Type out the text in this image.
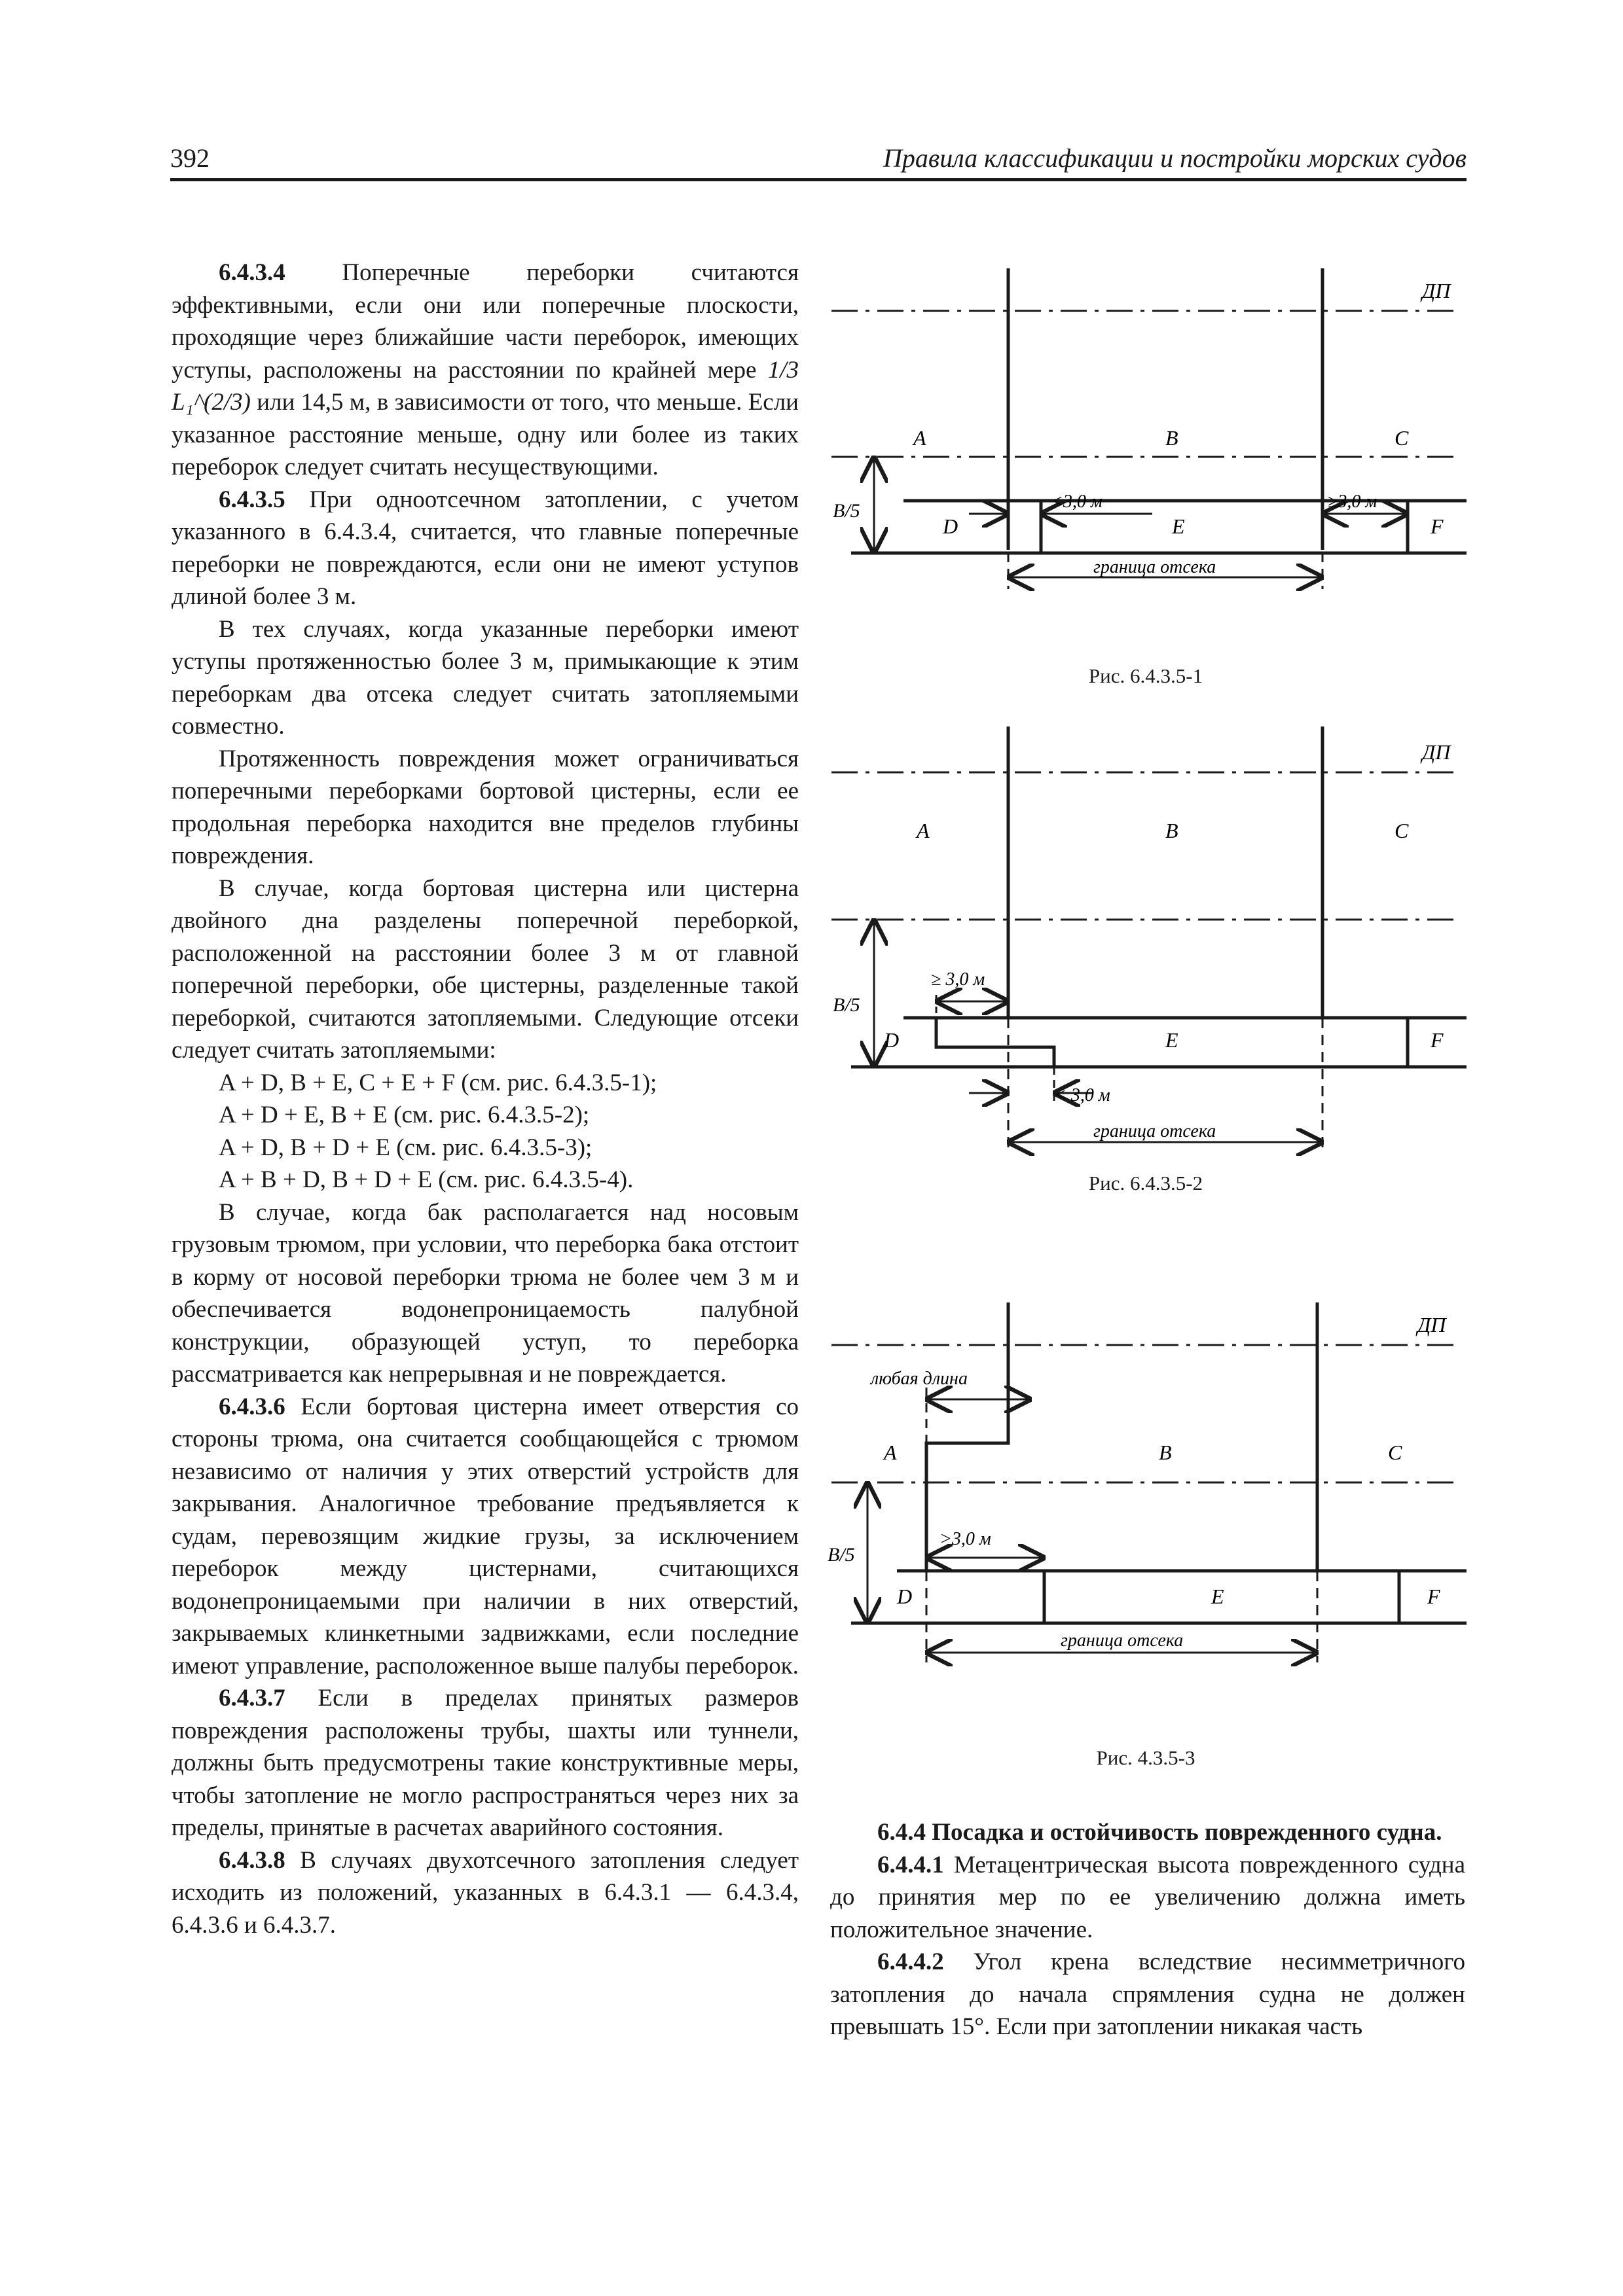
392	Правила классификации и постройки морских судов

6.4.3.4 Поперечные переборки считаются эффективными, если они или поперечные плоскости, проходящие через ближайшие части переборок, имеющих уступы, расположены на расстоянии по крайней мере 1/3 L₁^(2/3) или 14,5 м, в зависимости от того, что меньше. Если указанное расстояние меньше, одну или более из таких переборок следует считать несуществующими.

6.4.3.5 При одноотсечном затоплении, с учетом указанного в 6.4.3.4, считается, что главные поперечные переборки не повреждаются, если они не имеют уступов длиной более 3 м.

В тех случаях, когда указанные переборки имеют уступы протяженностью более 3 м, примыкающие к этим переборкам два отсека следует считать затопляемыми совместно.

Протяженность повреждения может ограничиваться поперечными переборками бортовой цистерны, если ее продольная переборка находится вне пределов глубины повреждения.

В случае, когда бортовая цистерна или цистерна двойного дна разделены поперечной переборкой, расположенной на расстоянии более 3 м от главной поперечной переборки, обе цистерны, разделенные такой переборкой, считаются затопляемыми. Следующие отсеки следует считать затопляемыми:

A + D, B + E, C + E + F (см. рис. 6.4.3.5-1);

A + D + E, B + E (см. рис. 6.4.3.5-2);

A + D, B + D + E (см. рис. 6.4.3.5-3);

A + B + D, B + D + E (см. рис. 6.4.3.5-4).

В случае, когда бак располагается над носовым грузовым трюмом, при условии, что переборка бака отстоит в корму от носовой переборки трюма не более чем 3 м и обеспечивается водонепроницаемость палубной конструкции, образующей уступ, то переборка рассматривается как непрерывная и не повреждается.

6.4.3.6 Если бортовая цистерна имеет отверстия со стороны трюма, она считается сообщающейся с трюмом независимо от наличия у этих отверстий устройств для закрывания. Аналогичное требование предъявляется к судам, перевозящим жидкие грузы, за исключением переборок между цистернами, считающихся водонепроницаемыми при наличии в них отверстий, закрываемых клинкетными задвижками, если последние имеют управление, расположенное выше палубы переборок.

6.4.3.7 Если в пределах принятых размеров повреждения расположены трубы, шахты или туннели, должны быть предусмотрены такие конструктивные меры, чтобы затопление не могло распространяться через них за пределы, принятые в расчетах аварийного состояния.

6.4.3.8 В случаях двухотсечного затопления следует исходить из положений, указанных в 6.4.3.1 — 6.4.3.4, 6.4.3.6 и 6.4.3.7.

ДП
A	B	C
D	E	F
B/5	<3,0 м	≥3,0 м
граница отсека
Рис. 6.4.3.5-1
ДП
A	B	C
D	E	F
B/5
≥ 3,0 м
< 3,0 м
граница отсека
Рис. 6.4.3.5-2
ДП
A	B	C
D	E	F
B/5
любая длина
>3,0 м
граница отсека
Рис. 4.3.5-3
6.4.4 Посадка и остойчивость поврежденного судна.

6.4.4.1 Метацентрическая высота поврежденного судна до принятия мер по ее увеличению должна иметь положительное значение.

6.4.4.2 Угол крена вследствие несимметричного затопления до начала спрямления судна не должен превышать 15°. Если при затоплении никакая часть
